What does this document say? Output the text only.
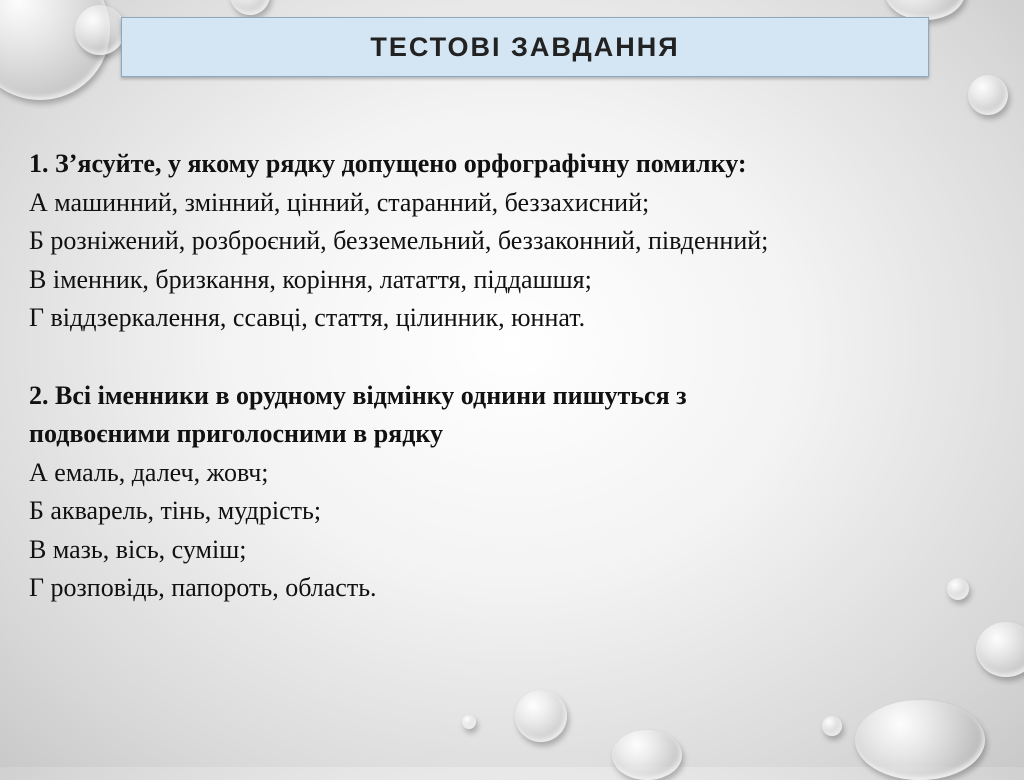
ТЕСТОВІ ЗАВДАННЯ
1. З’ясуйте, у якому рядку допущено орфографічну помилку:
А машинний, змінний, цінний, старанний, беззахисний;
Б розніжений, розброєний, безземельний, беззаконний, південний;
В іменник, бризкання, коріння, латаття, піддашшя;
Г віддзеркалення, ссавці, стаття, цілинник, юннат.
2. Всі іменники в орудному відмінку однини пишуться з
подвоєними приголосними в рядку
А емаль, далеч, жовч;
Б акварель, тінь, мудрість;
В мазь, вісь, суміш;
Г розповідь, папороть, область.
